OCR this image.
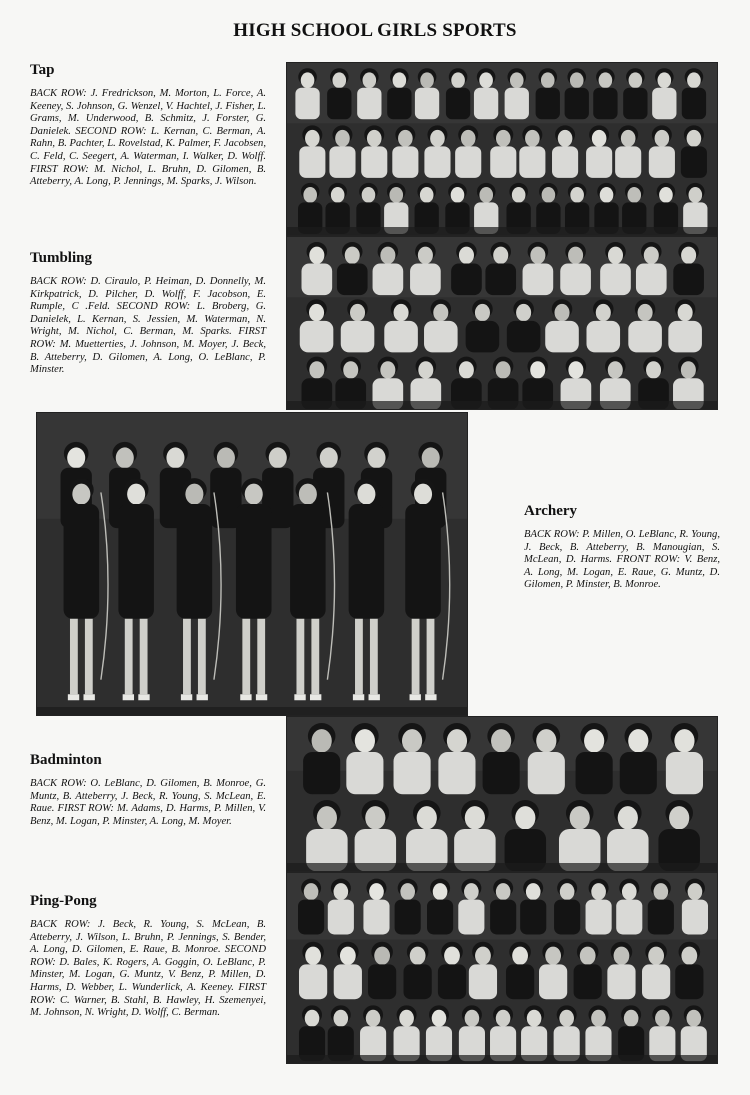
HIGH SCHOOL GIRLS SPORTS
Tap

BACK ROW: J. Fredrickson, M. Morton, L. Force, A. Keeney, S. Johnson, G. Wenzel, V. Hachtel, J. Fisher, L. Grams, M. Underwood, B. Schmitz, J. Forster, G. Danielek. SECOND ROW: L. Kernan, C. Berman, A. Rahn, B. Pachter, L. Rovelstad, K. Palmer, F. Jacobsen, C. Feld, C. Seegert, A. Waterman, I. Walker, D. Wolff. FIRST ROW: M. Nichol, L. Bruhn, D. Gilomen, B. Atteberry, A. Long, P. Jennings, M. Sparks, J. Wilson.

Tumbling

BACK ROW: D. Ciraulo, P. Heiman, D. Donnelly, M. Kirkpatrick, D. Pilcher, D. Wolff, F. Jacobson, E. Rumple, C .Feld. SECOND ROW: L. Broberg, G. Danielek, L. Kernan, S. Jessien, M. Waterman, N. Wright, M. Nichol, C. Berman, M. Sparks. FIRST ROW: M. Muetterties, J. Johnson, M. Moyer, J. Beck, B. Atteberry, D. Gilomen, A. Long, O. LeBlanc, P. Minster.

Archery

BACK ROW: P. Millen, O. LeBlanc, R. Young, J. Beck, B. Atteberry, B. Manougian, S. McLean, D. Harms. FRONT ROW: V. Benz, A. Long, M. Logan, E. Raue, G. Muntz, D. Gilomen, P. Minster, B. Monroe.

Badminton

BACK ROW: O. LeBlanc, D. Gilomen, B. Monroe, G. Muntz, B. Atteberry, J. Beck, R. Young, S. McLean, E. Raue. FIRST ROW: M. Adams, D. Harms, P. Millen, V. Benz, M. Logan, P. Minster, A. Long, M. Moyer.

Ping-Pong

BACK ROW: J. Beck, R. Young, S. McLean, B. Atteberry, J. Wilson, L. Bruhn, P. Jennings, S. Bender, A. Long, D. Gilomen, E. Raue, B. Monroe. SECOND ROW: D. Bales, K. Rogers, A. Goggin, O. LeBlanc, P. Minster, M. Logan, G. Muntz, V. Benz, P. Millen, D. Harms, D. Webber, L. Wunderlick, A. Keeney. FIRST ROW: C. Warner, B. Stahl, B. Hawley, H. Szemenyei, M. Johnson, N. Wright, D. Wolff, C. Berman.
